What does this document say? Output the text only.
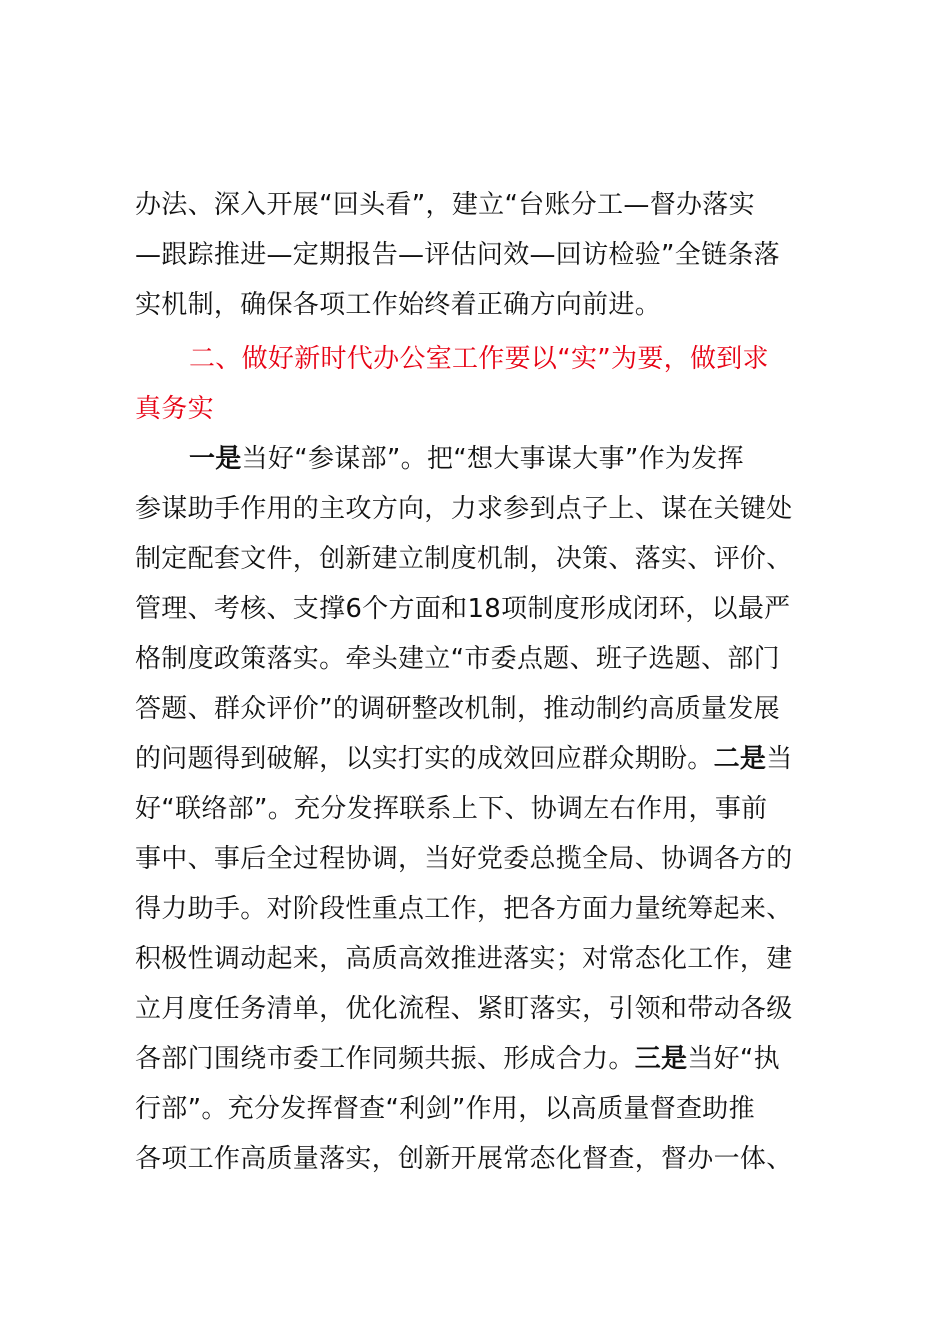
办法、深入开展“回头看”，建立“台账分工—督办落实
—跟踪推进—定期报告—评估问效—回访检验”全链条落
实机制，确保各项工作始终着正确方向前进。
二、做好新时代办公室工作要以“实”为要，做到求
真务实
一是当好“参谋部”。把“想大事谋大事”作为发挥
参谋助手作用的主攻方向，力求参到点子上、谋在关键处
制定配套文件，创新建立制度机制，决策、落实、评价、
管理、考核、支撑6个方面和18项制度形成闭环，以最严
格制度政策落实。牵头建立“市委点题、班子选题、部门
答题、群众评价”的调研整改机制，推动制约高质量发展
的问题得到破解，以实打实的成效回应群众期盼。二是当
好“联络部”。充分发挥联系上下、协调左右作用，事前
事中、事后全过程协调，当好党委总揽全局、协调各方的
得力助手。对阶段性重点工作，把各方面力量统筹起来、
积极性调动起来，高质高效推进落实；对常态化工作，建
立月度任务清单，优化流程、紧盯落实，引领和带动各级
各部门围绕市委工作同频共振、形成合力。三是当好“执
行部”。充分发挥督查“利剑”作用，以高质量督查助推
各项工作高质量落实，创新开展常态化督查，督办一体、
